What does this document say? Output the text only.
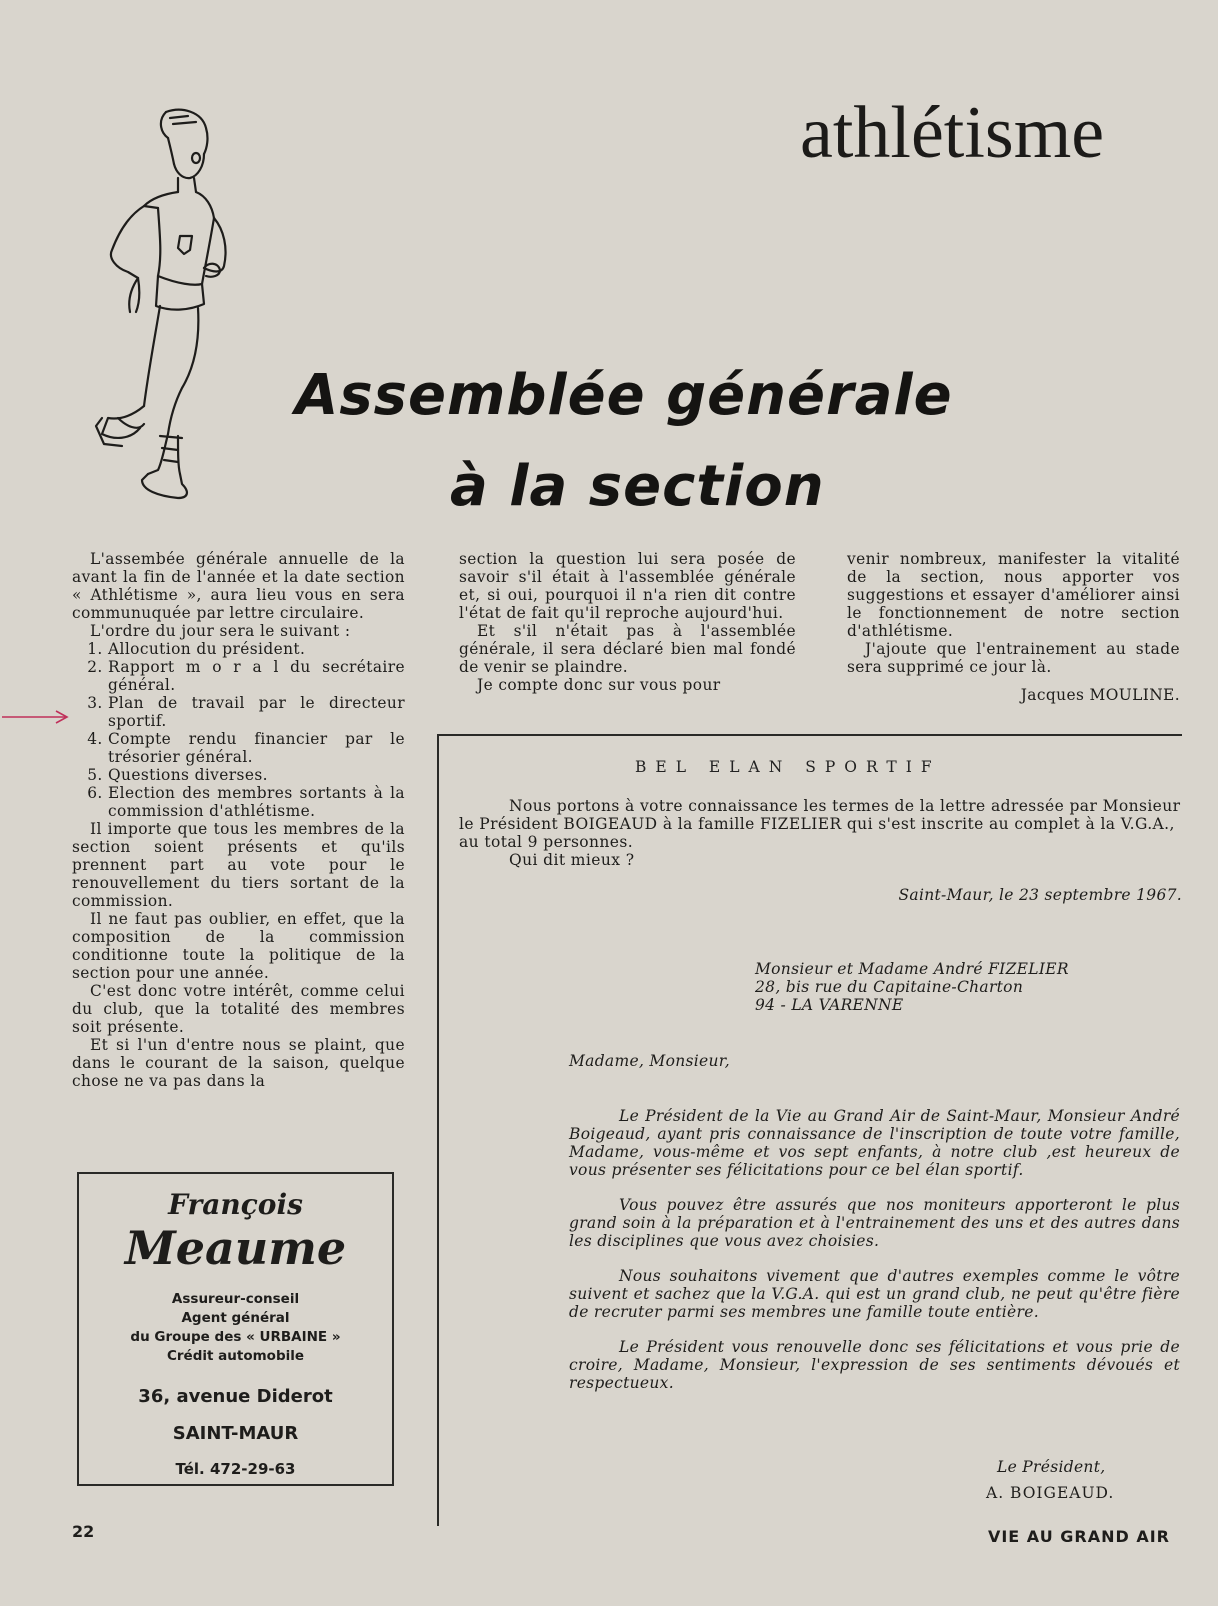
athlétisme
Assemblée générale
à la section

L'assembée générale annuelle de la avant la fin de l'année et la date section « Athlétisme », aura lieu vous en sera communuquée par lettre circulaire.

L'ordre du jour sera le suivant :

1. Allocution du président.
2. Rapport m o r a l du secrétaire général.
3. Plan de travail par le directeur sportif.
4. Compte rendu financier par le trésorier général.
5. Questions diverses.
6. Election des membres sortants à la commission d'athlétisme.

Il importe que tous les membres de la section soient présents et qu'ils prennent part au vote pour le renouvellement du tiers sortant de la commission.

Il ne faut pas oublier, en effet, que la composition de la commission conditionne toute la politique de la section pour une année.

C'est donc votre intérêt, comme celui du club, que la totalité des membres soit présente.

Et si l'un d'entre nous se plaint, que dans le courant de la saison, quelque chose ne va pas dans la

section la question lui sera posée de savoir s'il était à l'assemblée générale et, si oui, pourquoi il n'a rien dit contre l'état de fait qu'il reproche aujourd'hui.

Et s'il n'était pas à l'assemblée générale, il sera déclaré bien mal fondé de venir se plaindre.

Je compte donc sur vous pour

venir nombreux, manifester la vitalité de la section, nous apporter vos suggestions et essayer d'améliorer ainsi le fonctionnement de notre section d'athlétisme.

J'ajoute que l'entrainement au stade sera supprimé ce jour là.

Jacques MOULINE.
BEL ELAN SPORTIF

Nous portons à votre connaissance les termes de la lettre adressée par Monsieur le Président BOIGEAUD à la famille FIZELIER qui s'est inscrite au complet à la V.G.A., au total 9 personnes.

Qui dit mieux ?

Saint-Maur, le 23 septembre 1967.
Monsieur et Madame André FIZELIER
28, bis rue du Capitaine-Charton
94 - LA VARENNE
Madame, Monsieur,

Le Président de la Vie au Grand Air de Saint-Maur, Monsieur André Boigeaud, ayant pris connaissance de l'inscription de toute votre famille, Madame, vous-même et vos sept enfants, à notre club ,est heureux de vous présenter ses félicitations pour ce bel élan sportif.

Vous pouvez être assurés que nos moniteurs apporteront le plus grand soin à la préparation et à l'entrainement des uns et des autres dans les disciplines que vous avez choisies.

Nous souhaitons vivement que d'autres exemples comme le vôtre suivent et sachez que la V.G.A. qui est un grand club, ne peut qu'être fière de recruter parmi ses membres une famille toute entière.

Le Président vous renouvelle donc ses félicitations et vous prie de croire, Madame, Monsieur, l'expression de ses sentiments dévoués et respectueux.

Le Président,
A. BOIGEAUD.
François
Meaume
Assureur-conseil
Agent général
du Groupe des « URBAINE »
Crédit automobile
36, avenue Diderot
SAINT-MAUR
Tél. 472-29-63
22	VIE AU GRAND AIR
